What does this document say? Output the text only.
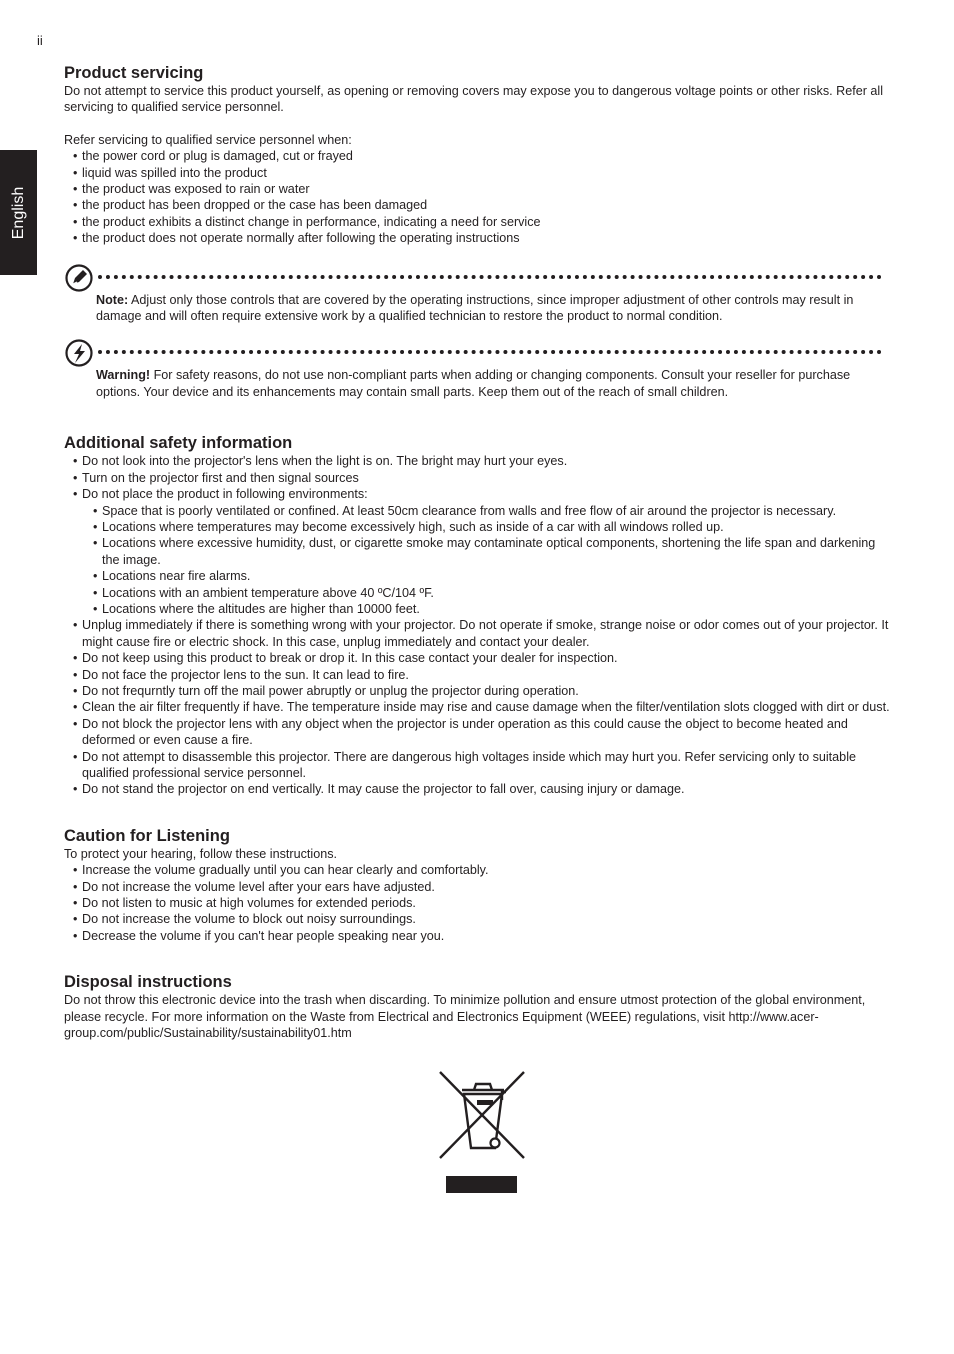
ii
English
Product servicing

Do not attempt to service this product yourself, as opening or removing covers may expose you to dangerous voltage points or other risks. Refer all servicing to qualified service personnel.

Refer servicing to qualified service personnel when:

• the power cord or plug is damaged, cut or frayed
• liquid was spilled into the product
• the product was exposed to rain or water
• the product has been dropped or the case has been damaged
• the product exhibits a distinct change in performance, indicating a need for service
• the product does not operate normally after following the operating instructions
Note: Adjust only those controls that are covered by the operating instructions, since improper adjustment of other controls may result in damage and will often require extensive work by a qualified technician to restore the product to normal condition.
Warning! For safety reasons, do not use non-compliant parts when adding or changing components. Consult your reseller for purchase options. Your device and its enhancements may contain small parts. Keep them out of the reach of small children.
Additional safety information
• Do not look into the projector's lens when the light is on. The bright may hurt your eyes.
• Turn on the projector first and then signal sources
• Do not place the product in following environments:
• Space that is poorly ventilated or confined. At least 50cm clearance from walls and free flow of air around the projector is necessary.
• Locations where temperatures may become excessively high, such as inside of a car with all windows rolled up.
• Locations where excessive humidity, dust, or cigarette smoke may contaminate optical components, shortening the life span and darkening the image.
• Locations near fire alarms.
• Locations with an ambient temperature above 40 ºC/104 ºF.
• Locations where the altitudes are higher than 10000 feet.
• Unplug immediately if there is something wrong with your projector. Do not operate if smoke, strange noise or odor comes out of your projector. It might cause fire or electric shock. In this case, unplug immediately and contact your dealer.
• Do not keep using this product to break or drop it. In this case contact your dealer for inspection.
• Do not face the projector lens to the sun. It can lead to fire.
• Do not frequrntly turn off the mail power abruptly or unplug the projector during operation.
• Clean the air filter frequently if have. The temperature inside may rise and cause damage when the filter/ventilation slots clogged with dirt or dust.
• Do not block the projector lens with any object when the projector is under operation as this could cause the object to become heated and deformed or even cause a fire.
• Do not attempt to disassemble this projector. There are dangerous high voltages inside which may hurt you. Refer servicing only to suitable qualified professional service personnel.
• Do not stand the projector on end vertically. It may cause the projector to fall over, causing injury or damage.
Caution for Listening

To protect your hearing, follow these instructions.

• Increase the volume gradually until you can hear clearly and comfortably.
• Do not increase the volume level after your ears have adjusted.
• Do not listen to music at high volumes for extended periods.
• Do not increase the volume to block out noisy surroundings.
• Decrease the volume if you can't hear people speaking near you.
Disposal instructions

Do not throw this electronic device into the trash when discarding. To minimize pollution and ensure utmost protection of the global environment, please recycle. For more information on the Waste from Electrical and Electronics Equipment (WEEE) regulations, visit http://www.acer-group.com/public/Sustainability/sustainability01.htm
